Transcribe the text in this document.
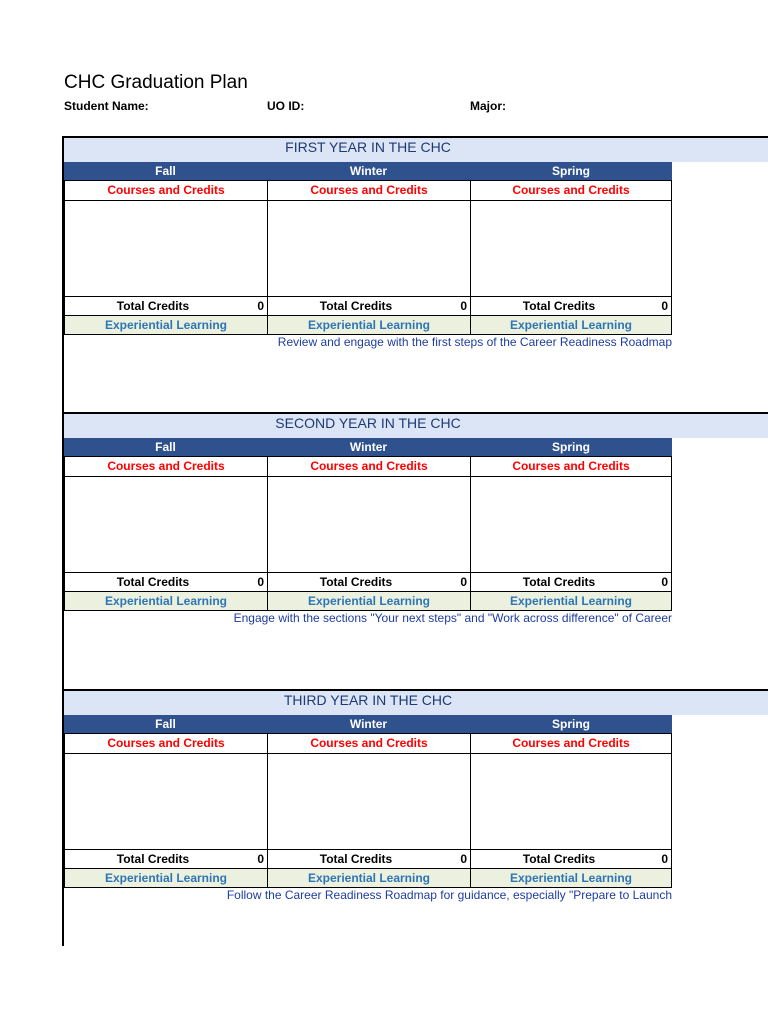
CHC Graduation Plan
Student Name:	UO ID:	Major:
FIRST YEAR IN THE CHC
Fall	Winter	Spring
Courses and Credits	Courses and Credits	Courses and Credits
Total Credits	0	Total Credits	0	Total Credits	0
Experiential Learning	Experiential Learning	Experiential Learning
Review and engage with the first steps of the Career Readiness Roadmap
SECOND YEAR IN THE CHC
Fall	Winter	Spring
Courses and Credits	Courses and Credits	Courses and Credits
Total Credits	0	Total Credits	0	Total Credits	0
Experiential Learning	Experiential Learning	Experiential Learning
Engage with the sections "Your next steps" and "Work across difference" of Career
THIRD YEAR IN THE CHC
Fall	Winter	Spring
Courses and Credits	Courses and Credits	Courses and Credits
Total Credits	0	Total Credits	0	Total Credits	0
Experiential Learning	Experiential Learning	Experiential Learning
Follow the Career Readiness Roadmap for guidance, especially "Prepare to Launch
